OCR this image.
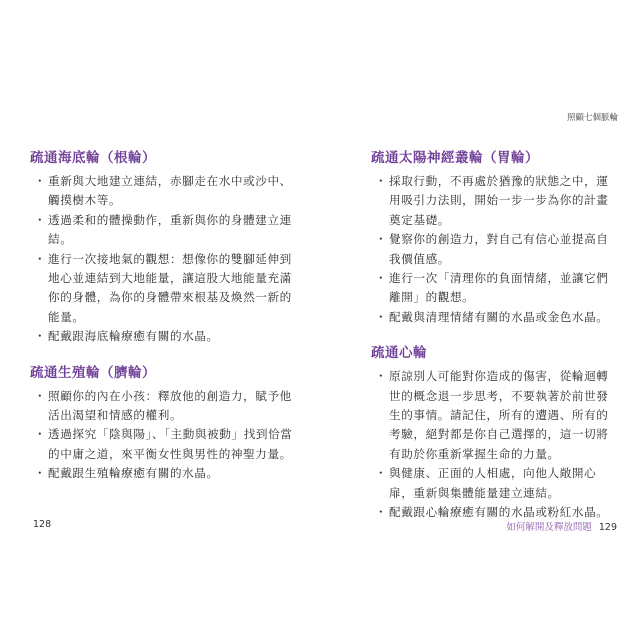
照顧七個脈輪
疏通海底輪（根輪）
・ 重新與大地建立連結，赤腳走在水中或沙中、觸摸樹木等。
・ 透過柔和的體操動作，重新與你的身體建立連結。
・ 進行一次接地氣的觀想：想像你的雙腳延伸到地心並連結到大地能量，讓這股大地能量充滿你的身體，為你的身體帶來根基及煥然一新的能量。
・ 配戴跟海底輪療癒有關的水晶。
疏通生殖輪（臍輪）
・ 照顧你的內在小孩：釋放他的創造力，賦予他活出渴望和情感的權利。
・ 透過探究「陰與陽」、「主動與被動」找到恰當的中庸之道，來平衡女性與男性的神聖力量。
・ 配戴跟生殖輪療癒有關的水晶。
疏通太陽神經叢輪（胃輪）
・ 採取行動，不再處於猶豫的狀態之中，運用吸引力法則，開始一步一步為你的計畫奠定基礎。
・ 覺察你的創造力，對自己有信心並提高自我價值感。
・ 進行一次「清理你的負面情緒，並讓它們離開」的觀想。
・ 配戴與清理情緒有關的水晶或金色水晶。
疏通心輪
・ 原諒別人可能對你造成的傷害，從輪迴轉世的概念退一步思考，不要執著於前世發生的事情。請記住，所有的遭遇、所有的考驗，絕對都是你自己選擇的，這一切將有助於你重新掌握生命的力量。
・ 與健康、正面的人相處，向他人敞開心扉，重新與集體能量建立連結。
・ 配戴跟心輪療癒有關的水晶或粉紅水晶。
128	如何解開及釋放問題 129
